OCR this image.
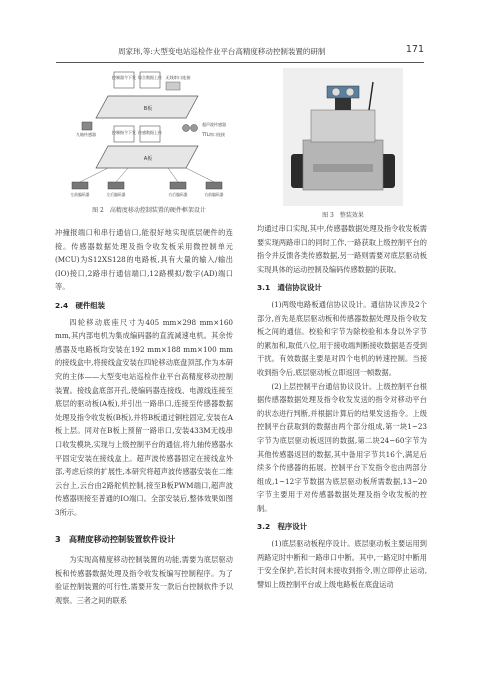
周家玮,等:大型变电站巡检作业平台高精度移动控制装置的研制	171
控制器令下发 综合数据上传 无线串口连接
B板
九轴传感器
超声波传感器
TTL串口连接
控制指令下发 传感数据上传
A板
左前编码器	左后编码器	右后编码器	右前编码器
图 2　高精度移动控制装置的硬件框架设计
图 3　整装效果

冲撞报端口和串行通信口,能很好地实现底层硬件的连接。传感器数据处理及指令收发板采用微控制单元(MCU)为S12XS128的电路板,具有大量的输入/输出(IO)接口,2路串行通信端口,12路模拟/数字(AD)端口等。

2.4　硬件组装

四轮移动底座尺寸为405 mm×298 mm×160 mm,其内部电机为集成编码器的直流减速电机。其余传感器及电路板均安装在192 mm×188 mm×100 mm的接线盒中,将接线盒安装在四轮移动底盘顶部,作为本研究的主体——大型变电站巡检作业平台高精度移动控制装置。接线盒底部开孔,使编码器连接线、电源线连接至底层的驱动板(A板),并引出一路串口,连接至传感器数据处理及指令收发板(B板),并将B板通过铜柱固定,安装在A板上层。同对在B板上预留一路串口,安装433M无线串口收发模块,实现与上级控制平台的通信,将九轴传感器水平固定安装在接线盒上。超声波传感器固定在接线盒外部,考虑后续的扩展性,本研究将超声波传感器安装在二维云台上,云台由2路舵机控制,接至B板PWM端口,超声波传感器则接至普通的IO端口。全部安装后,整体效果如图3所示。

3　高精度移动控制装置软件设计

为实现高精度移动控制装置的功能,需要为底层驱动板和传感器数据处理及指令收发板编写控制程序。为了验证控制装置的可行性,需要开发一款后台控制软件予以观察。三者之间的联系

均通过串口实现,其中,传感器数据处理及指令收发板需要实现两路串口的同时工作,一路获取上级控制平台的指令并反馈各类传感数据,另一路则需要对底层驱动板实现具体的运动控制及编码传感数据的获取。

3.1　通信协议设计

(1)两级电路板通信协议设计。通信协议涉及2个部分,首先是底层驱动板和传感器数据处理及指令收发板之间的通信。校验和字节为除校验和本身以外字节的累加和,取低八位,用于接收端判断接收数据是否受到干扰。有效数据主要是对四个电机的转速控制。当接收到指令后,底层驱动板立即返回一帧数据。

(2)上层控制平台通信协议设计。上级控制平台根据传感器数据处理及指令收发发送的指令对移动平台的状态进行判断,并根据计算后的结果发送指令。上级控制平台获取到的数据由两个部分组成,第一块1~23字节为底层驱动板返回的数据,第二块24~60字节为其他传感器返回的数据,其中备用字节共16个,满足后续多个传感器的拓展。控制平台下发指令也由两部分组成,1~12字节数据为底层驱动板所需数据,13~20字节主要用于对传感器数据处理及指令收发板的控制。

3.2　程序设计

(1)底层驱动板程序设计。底层驱动板主要运用到两路定时中断和一路串口中断。其中,一路定时中断用于安全保护,若长时间未接收到指令,则立即停止运动,譬如上级控制平台或上级电路板在底盘运动
